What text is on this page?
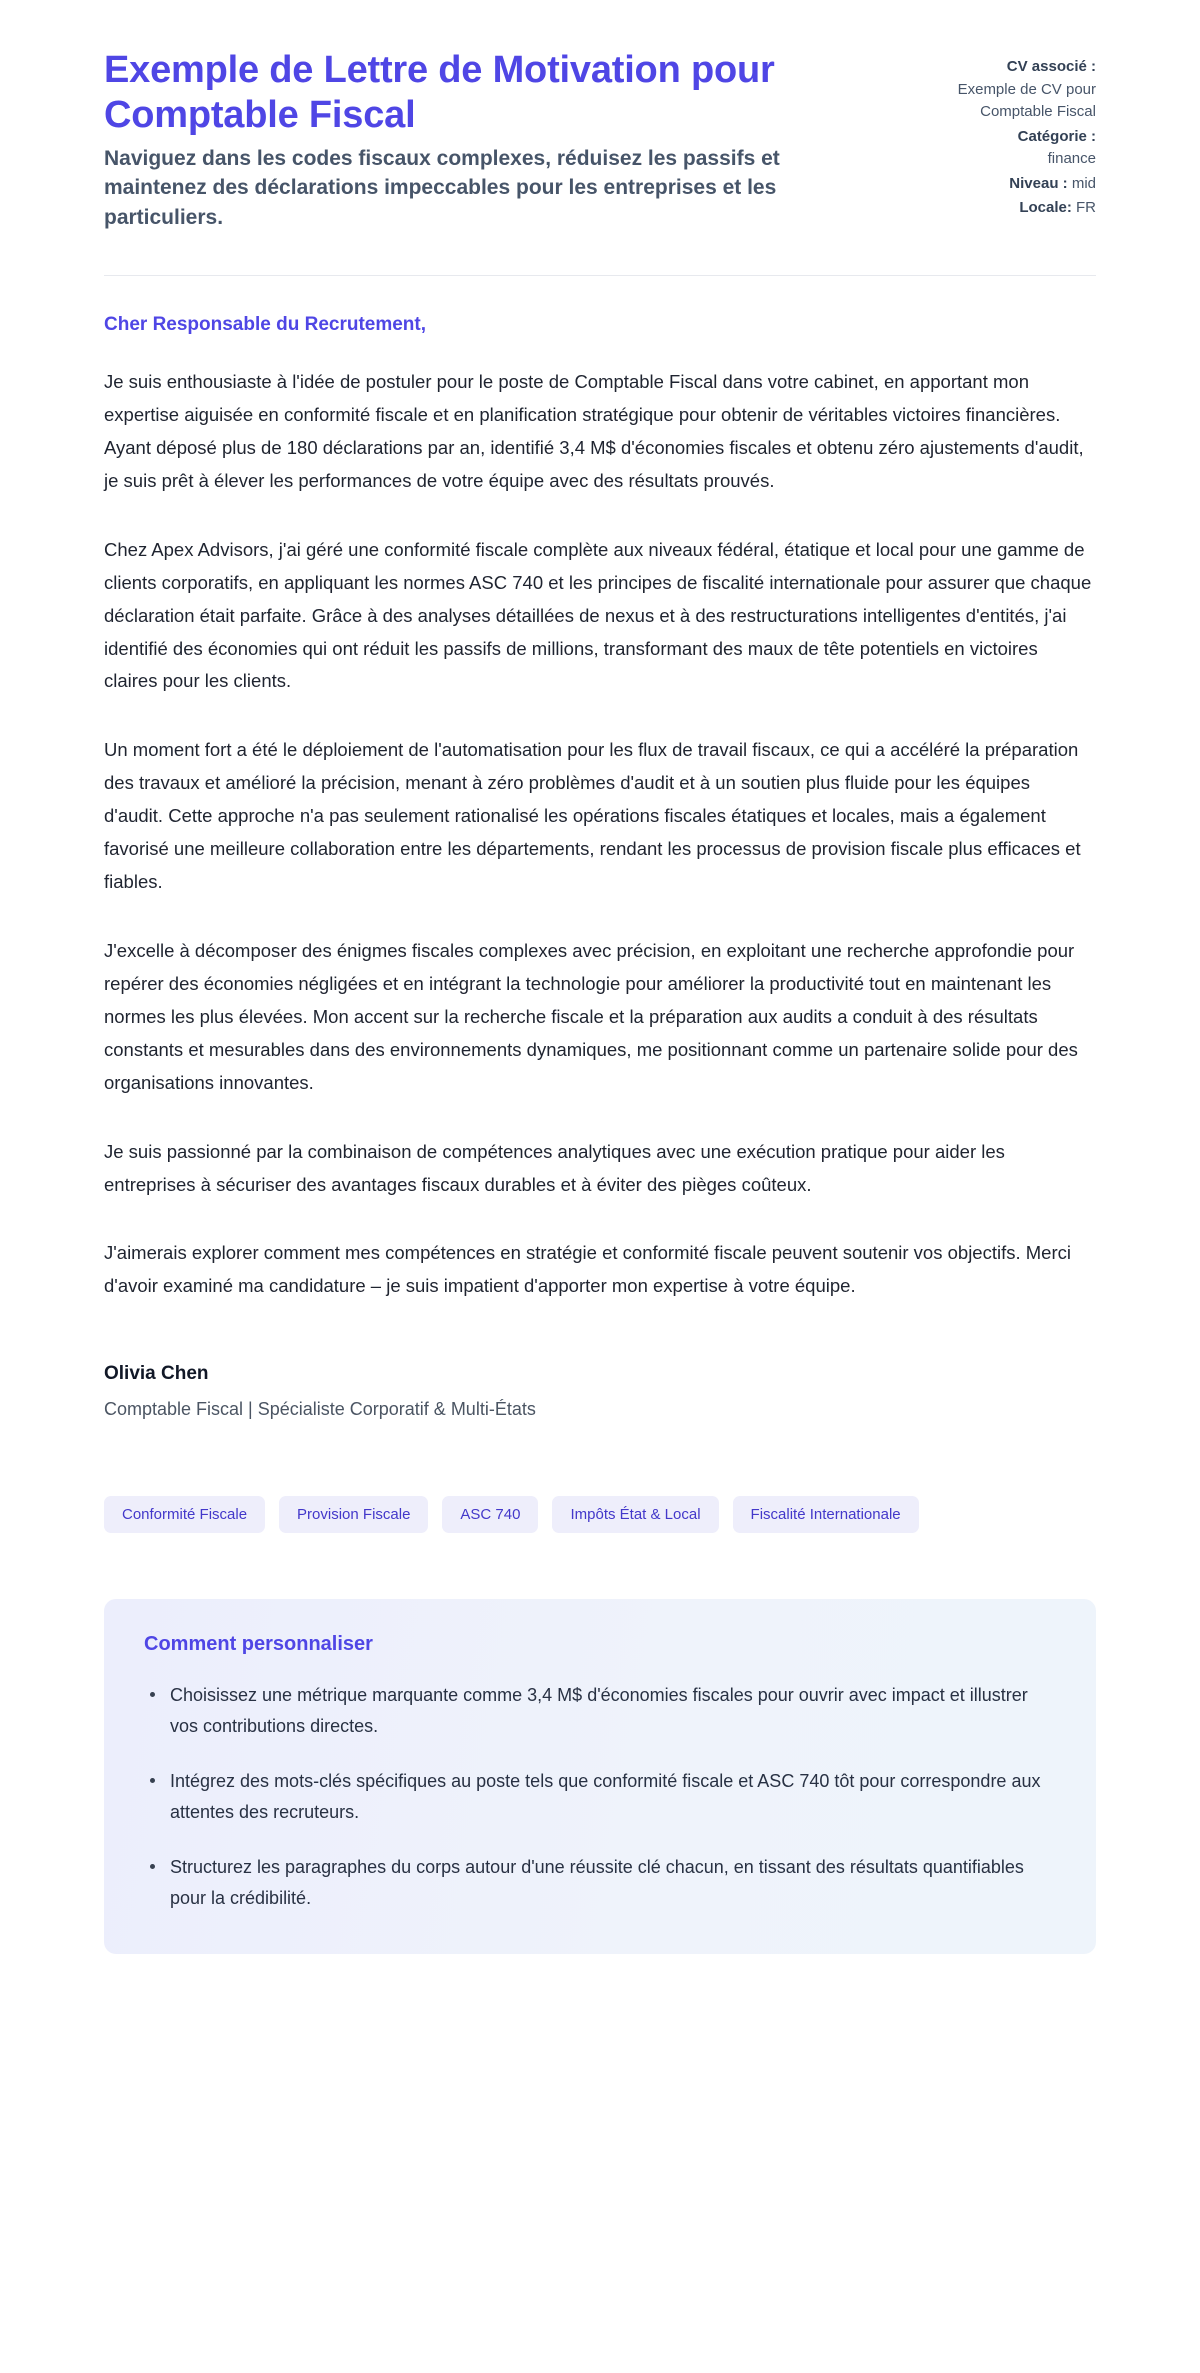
Exemple de Lettre de Motivation pour Comptable Fiscal

Naviguez dans les codes fiscaux complexes, réduisez les passifs et maintenez des déclarations impeccables pour les entreprises et les particuliers.

CV associé :
Exemple de CV pour Comptable Fiscal
Catégorie :
finance
Niveau : mid
Locale: FR

Cher Responsable du Recrutement,

Je suis enthousiaste à l'idée de postuler pour le poste de Comptable Fiscal dans votre cabinet, en apportant mon expertise aiguisée en conformité fiscale et en planification stratégique pour obtenir de véritables victoires financières. Ayant déposé plus de 180 déclarations par an, identifié 3,4 M$ d'économies fiscales et obtenu zéro ajustements d'audit, je suis prêt à élever les performances de votre équipe avec des résultats prouvés.

Chez Apex Advisors, j'ai géré une conformité fiscale complète aux niveaux fédéral, étatique et local pour une gamme de clients corporatifs, en appliquant les normes ASC 740 et les principes de fiscalité internationale pour assurer que chaque déclaration était parfaite. Grâce à des analyses détaillées de nexus et à des restructurations intelligentes d'entités, j'ai identifié des économies qui ont réduit les passifs de millions, transformant des maux de tête potentiels en victoires claires pour les clients.

Un moment fort a été le déploiement de l'automatisation pour les flux de travail fiscaux, ce qui a accéléré la préparation des travaux et amélioré la précision, menant à zéro problèmes d'audit et à un soutien plus fluide pour les équipes d'audit. Cette approche n'a pas seulement rationalisé les opérations fiscales étatiques et locales, mais a également favorisé une meilleure collaboration entre les départements, rendant les processus de provision fiscale plus efficaces et fiables.

J'excelle à décomposer des énigmes fiscales complexes avec précision, en exploitant une recherche approfondie pour repérer des économies négligées et en intégrant la technologie pour améliorer la productivité tout en maintenant les normes les plus élevées. Mon accent sur la recherche fiscale et la préparation aux audits a conduit à des résultats constants et mesurables dans des environnements dynamiques, me positionnant comme un partenaire solide pour des organisations innovantes.

Je suis passionné par la combinaison de compétences analytiques avec une exécution pratique pour aider les entreprises à sécuriser des avantages fiscaux durables et à éviter des pièges coûteux.

J'aimerais explorer comment mes compétences en stratégie et conformité fiscale peuvent soutenir vos objectifs. Merci d'avoir examiné ma candidature – je suis impatient d'apporter mon expertise à votre équipe.

Olivia Chen

Comptable Fiscal | Spécialiste Corporatif & Multi-États

Conformité Fiscale	Provision Fiscale	ASC 740	Impôts État & Local	Fiscalité Internationale
Comment personnaliser
Choisissez une métrique marquante comme 3,4 M$ d'économies fiscales pour ouvrir avec impact et illustrer vos contributions directes.
Intégrez des mots-clés spécifiques au poste tels que conformité fiscale et ASC 740 tôt pour correspondre aux attentes des recruteurs.
Structurez les paragraphes du corps autour d'une réussite clé chacun, en tissant des résultats quantifiables pour la crédibilité.
